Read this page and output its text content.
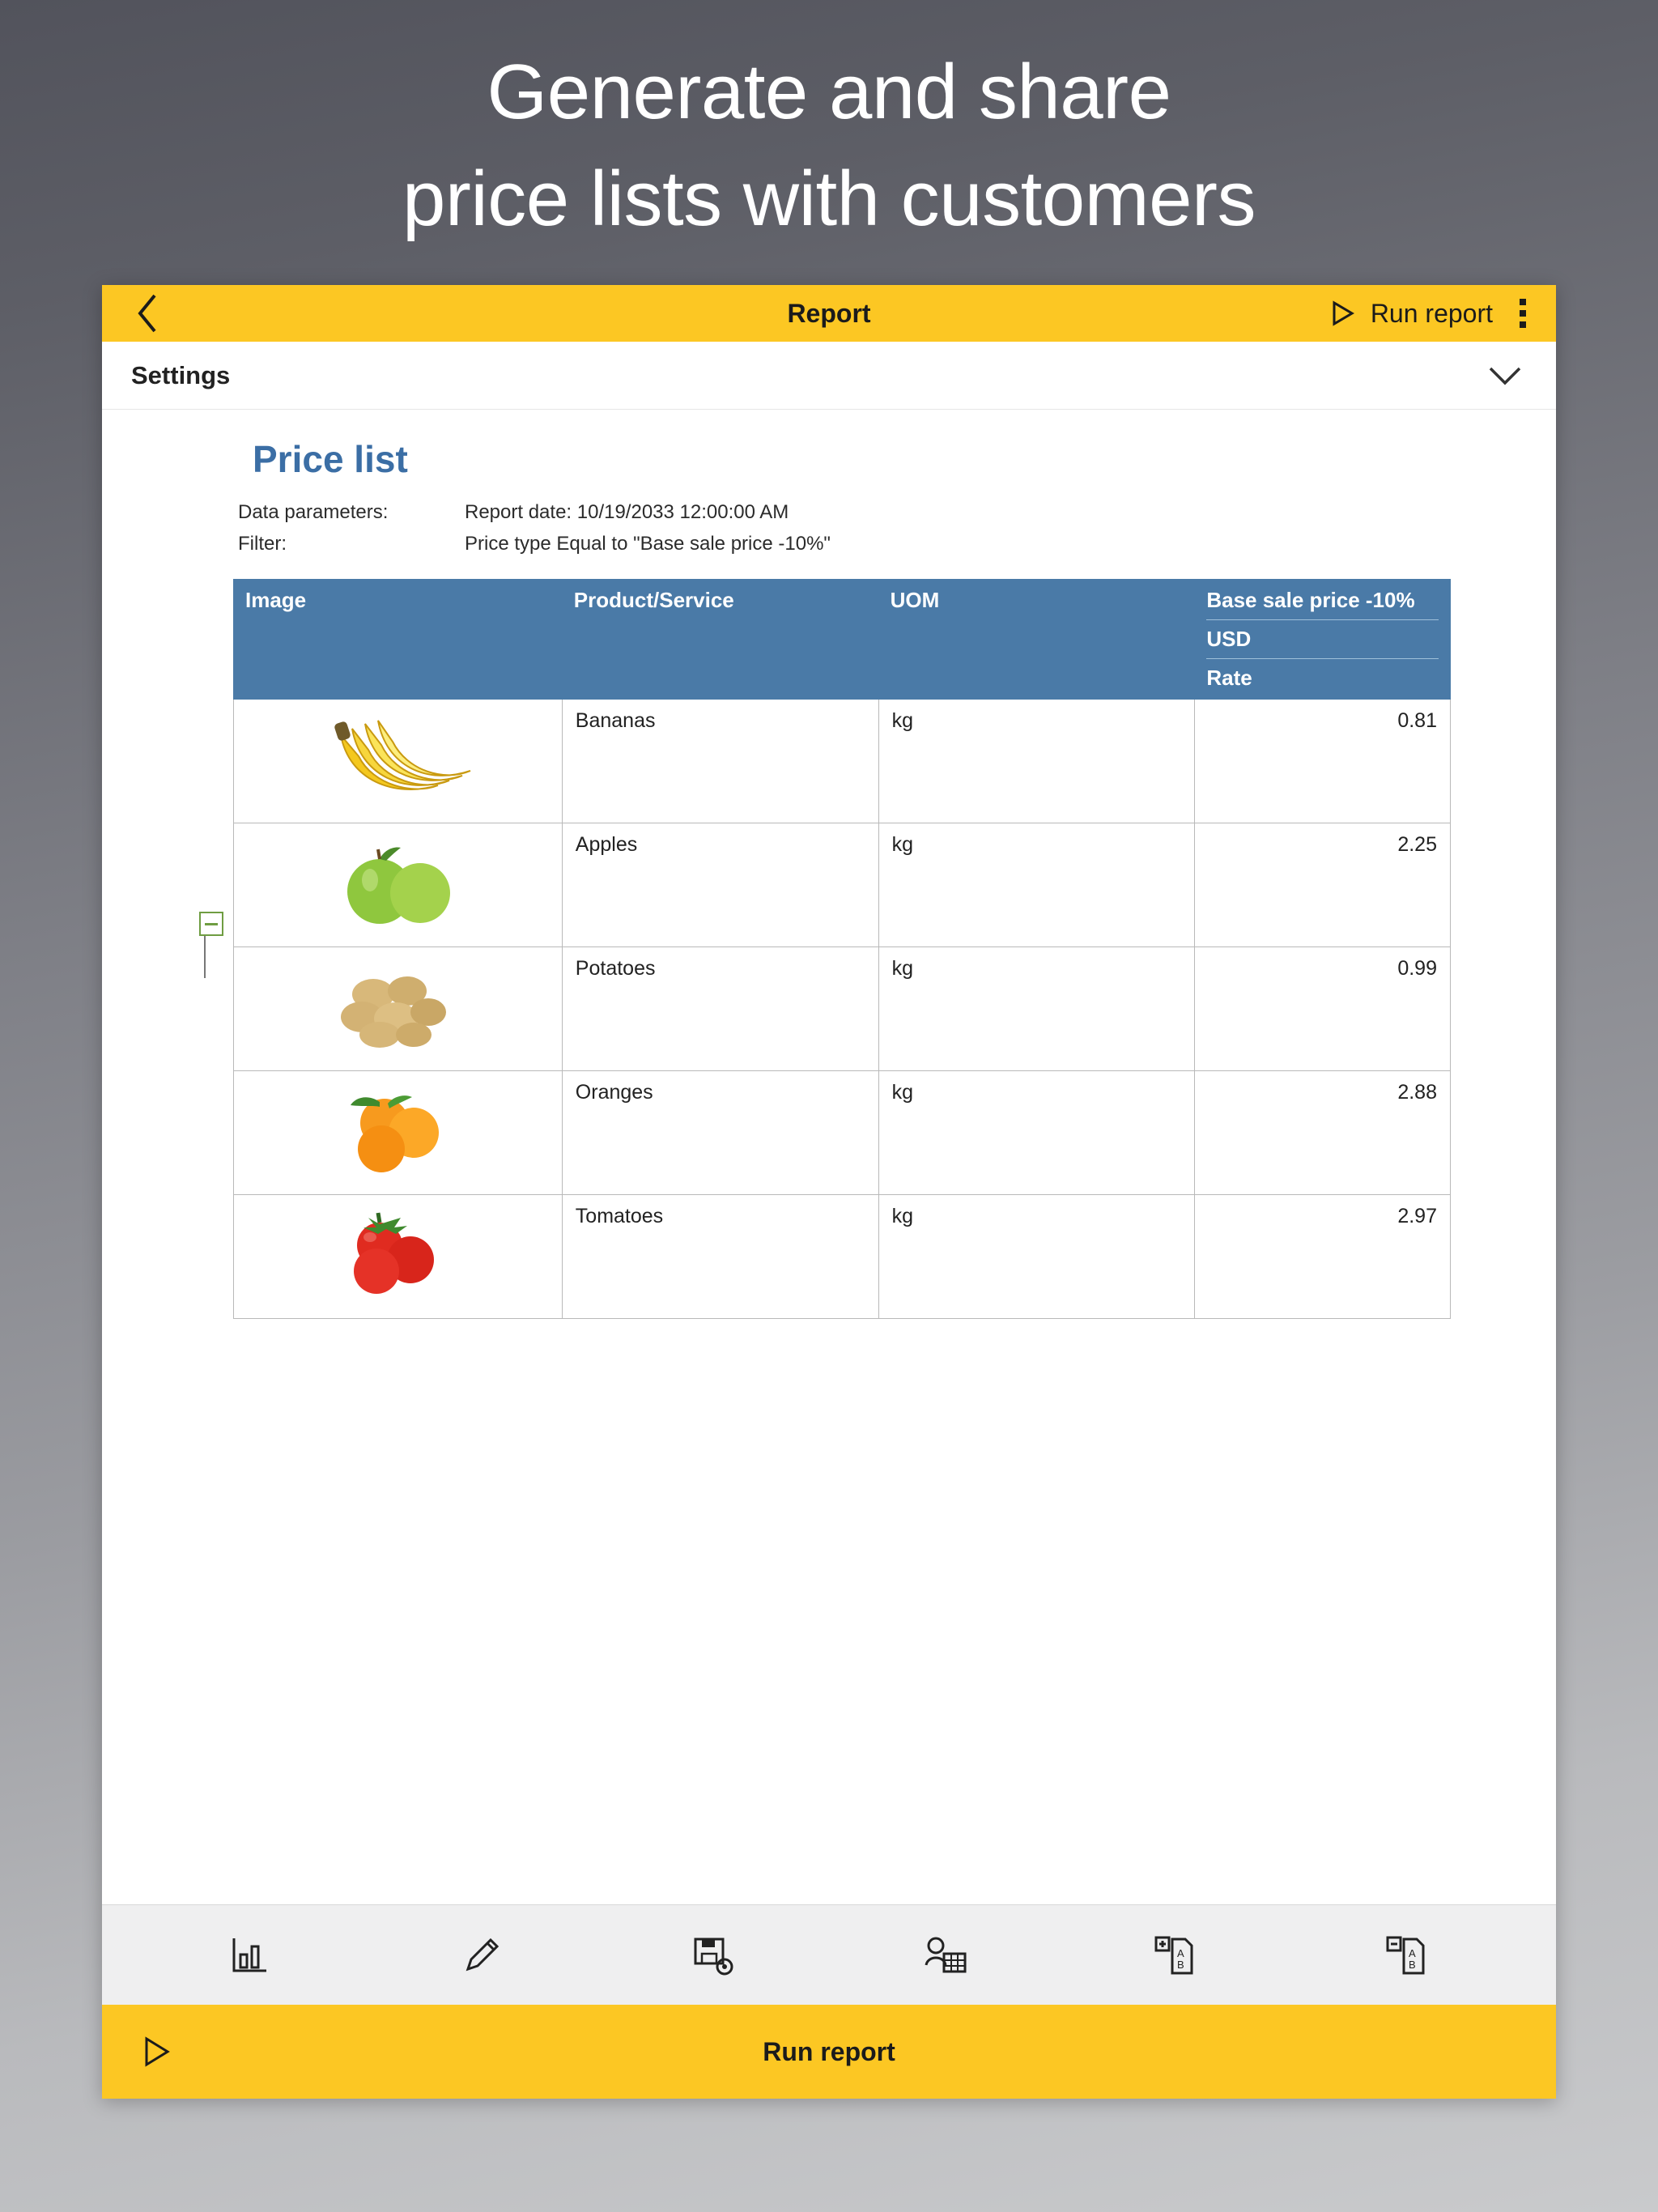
Generate and share
price lists with customers
Report	Run report
Settings
Price list
Data parameters:	Report date: 10/19/2033 12:00:00 AM
Filter:	Price type Equal to "Base sale price -10%"
Image	Product/Service	UOM	Base sale price -10%
USD
Rate

	Bananas	kg	0.81

	Apples	kg	2.25

	Potatoes	kg	0.99

	Oranges	kg	2.88

	Tomatoes	kg	2.97
A
B
A
B
Run report
